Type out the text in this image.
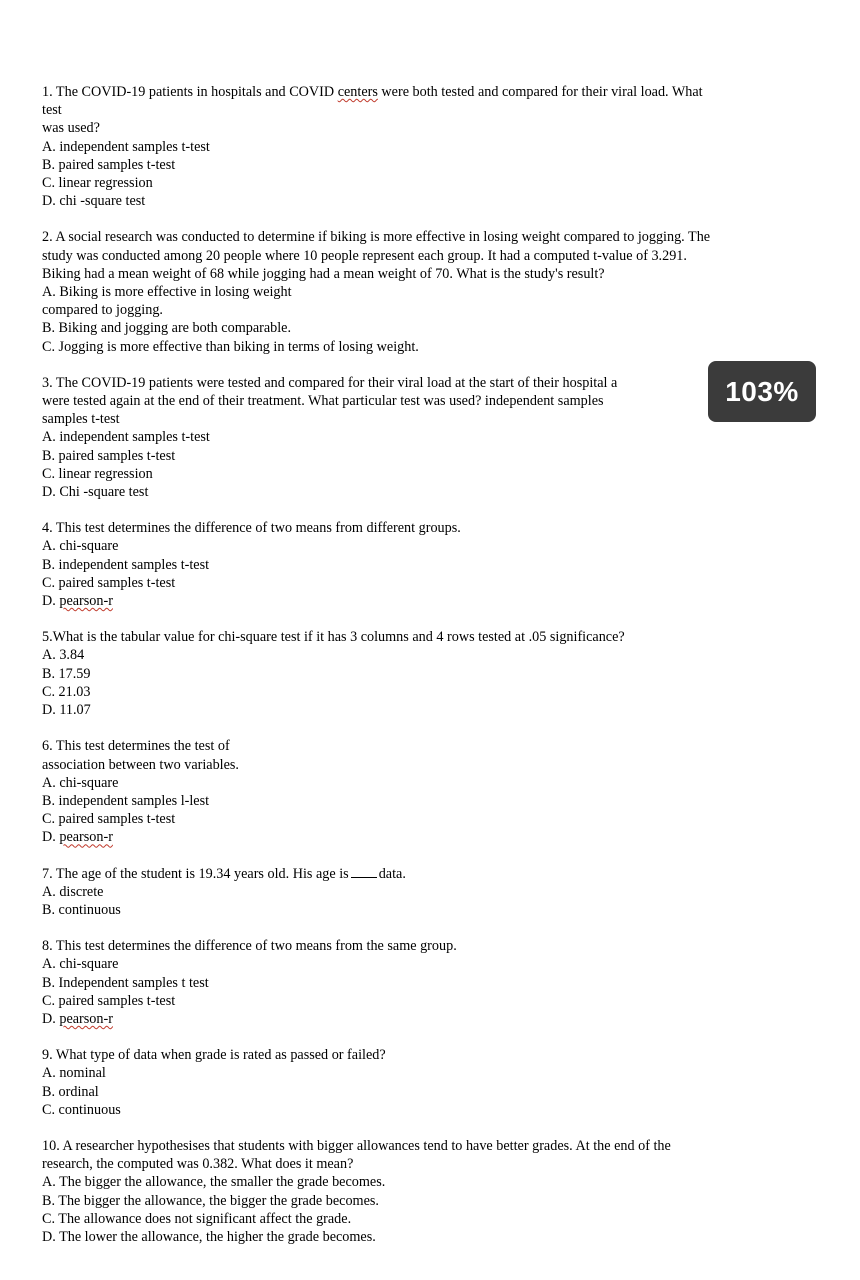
1. The COVID-19 patients in hospitals and COVID centers were both tested and compared for their viral load. What
test
was used?
A. independent samples t-test
B. paired samples t-test
C. linear regression
D. chi -square test
2. A social research was conducted to determine if biking is more effective in losing weight compared to jogging. The
study was conducted among 20 people where 10 people represent each group. It had a computed t-value of 3.291.
Biking had a mean weight of 68 while jogging had a mean weight of 70. What is the study's result?
A. Biking is more effective in losing weight
compared to jogging.
B. Biking and jogging are both comparable.
C. Jogging is more effective than biking in terms of losing weight.
3. The COVID-19 patients were tested and compared for their viral load at the start of their hospital a
were tested again at the end of their treatment. What particular test was used? independent samples
samples t-test
A. independent samples t-test
B. paired samples t-test
C. linear regression
D. Chi -square test
4. This test determines the difference of two means from different groups.
A. chi-square
B. independent samples t-test
C. paired samples t-test
D. pearson-r
5.What is the tabular value for chi-square test if it has 3 columns and 4 rows tested at .05 significance?
A. 3.84
B. 17.59
C. 21.03
D. 11.07
6. This test determines the test of
association between two variables.
A. chi-square
B. independent samples l-lest
C. paired samples t-test
D. pearson-r
7. The age of the student is 19.34 years old. His age is data.
A. discrete
B. continuous
8. This test determines the difference of two means from the same group.
A. chi-square
B. Independent samples t test
C. paired samples t-test
D. pearson-r
9. What type of data when grade is rated as passed or failed?
A. nominal
B. ordinal
C. continuous
10. A researcher hypothesises that students with bigger allowances tend to have better grades. At the end of the
research, the computed was 0.382. What does it mean?
A. The bigger the allowance, the smaller the grade becomes.
B. The bigger the allowance, the bigger the grade becomes.
C. The allowance does not significant affect the grade.
D. The lower the allowance, the higher the grade becomes.
103%
